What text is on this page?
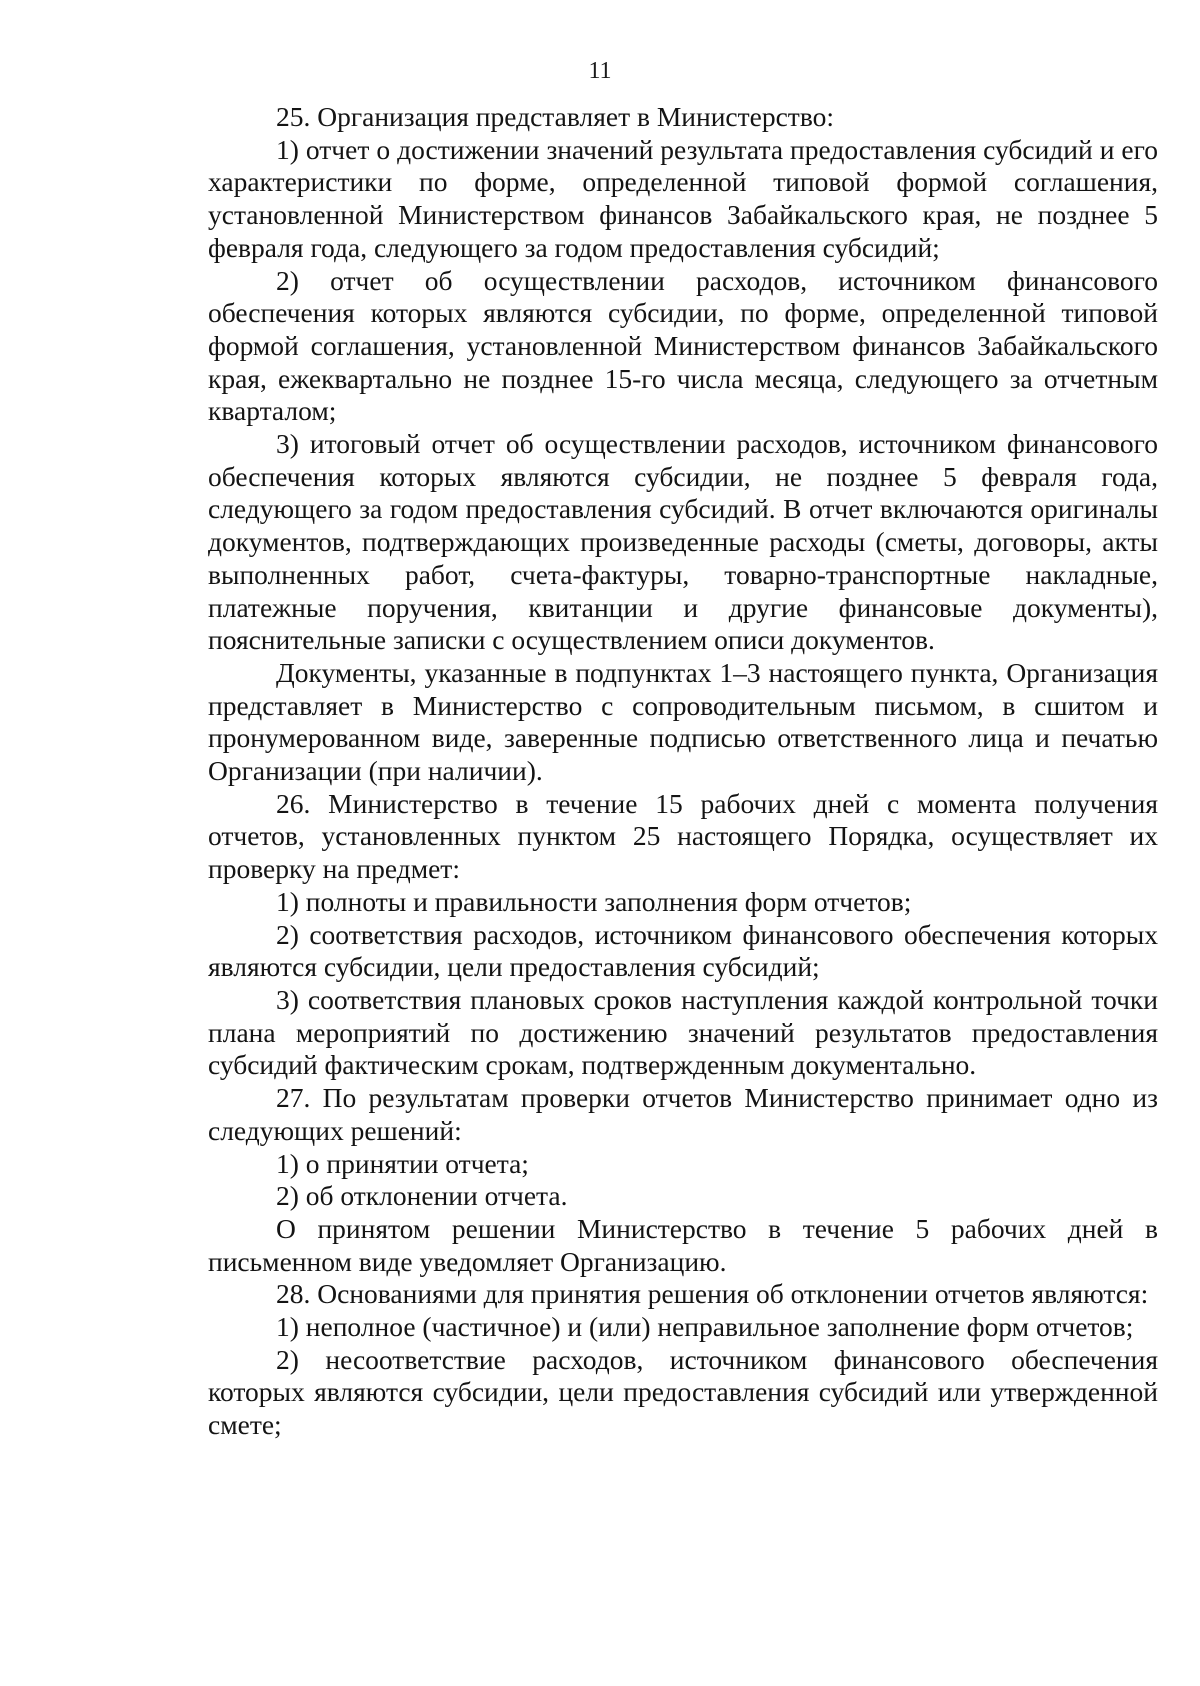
11

25. Организация представляет в Министерство:

1) отчет о достижении значений результата предоставления субсидий и его характеристики по форме, определенной типовой формой соглашения, установленной Министерством финансов Забайкальского края, не позднее 5 февраля года, следующего за годом предоставления субсидий;

2) отчет об осуществлении расходов, источником финансового обеспечения которых являются субсидии, по форме, определенной типовой формой соглашения, установленной Министерством финансов Забайкальского края, ежеквартально не позднее 15-го числа месяца, следующего за отчетным кварталом;

3) итоговый отчет об осуществлении расходов, источником финансового обеспечения которых являются субсидии, не позднее 5 февраля года, следующего за годом предоставления субсидий. В отчет включаются оригиналы документов, подтверждающих произведенные расходы (сметы, договоры, акты выполненных работ, счета-фактуры, товарно-транспортные накладные, платежные поручения, квитанции и другие финансовые документы), пояснительные записки с осуществлением описи документов.

Документы, указанные в подпунктах 1–3 настоящего пункта, Организация представляет в Министерство с сопроводительным письмом, в сшитом и пронумерованном виде, заверенные подписью ответственного лица и печатью Организации (при наличии).

26. Министерство в течение 15 рабочих дней с момента получения отчетов, установленных пунктом 25 настоящего Порядка, осуществляет их проверку на предмет:

1) полноты и правильности заполнения форм отчетов;

2) соответствия расходов, источником финансового обеспечения которых являются субсидии, цели предоставления субсидий;

3) соответствия плановых сроков наступления каждой контрольной точки плана мероприятий по достижению значений результатов предоставления субсидий фактическим срокам, подтвержденным документально.

27. По результатам проверки отчетов Министерство принимает одно из следующих решений:

1) о принятии отчета;

2) об отклонении отчета.

О принятом решении Министерство в течение 5 рабочих дней в письменном виде уведомляет Организацию.

28. Основаниями для принятия решения об отклонении отчетов являются:

1) неполное (частичное) и (или) неправильное заполнение форм отчетов;

2) несоответствие расходов, источником финансового обеспечения которых являются субсидии, цели предоставления субсидий или утвержденной смете;
